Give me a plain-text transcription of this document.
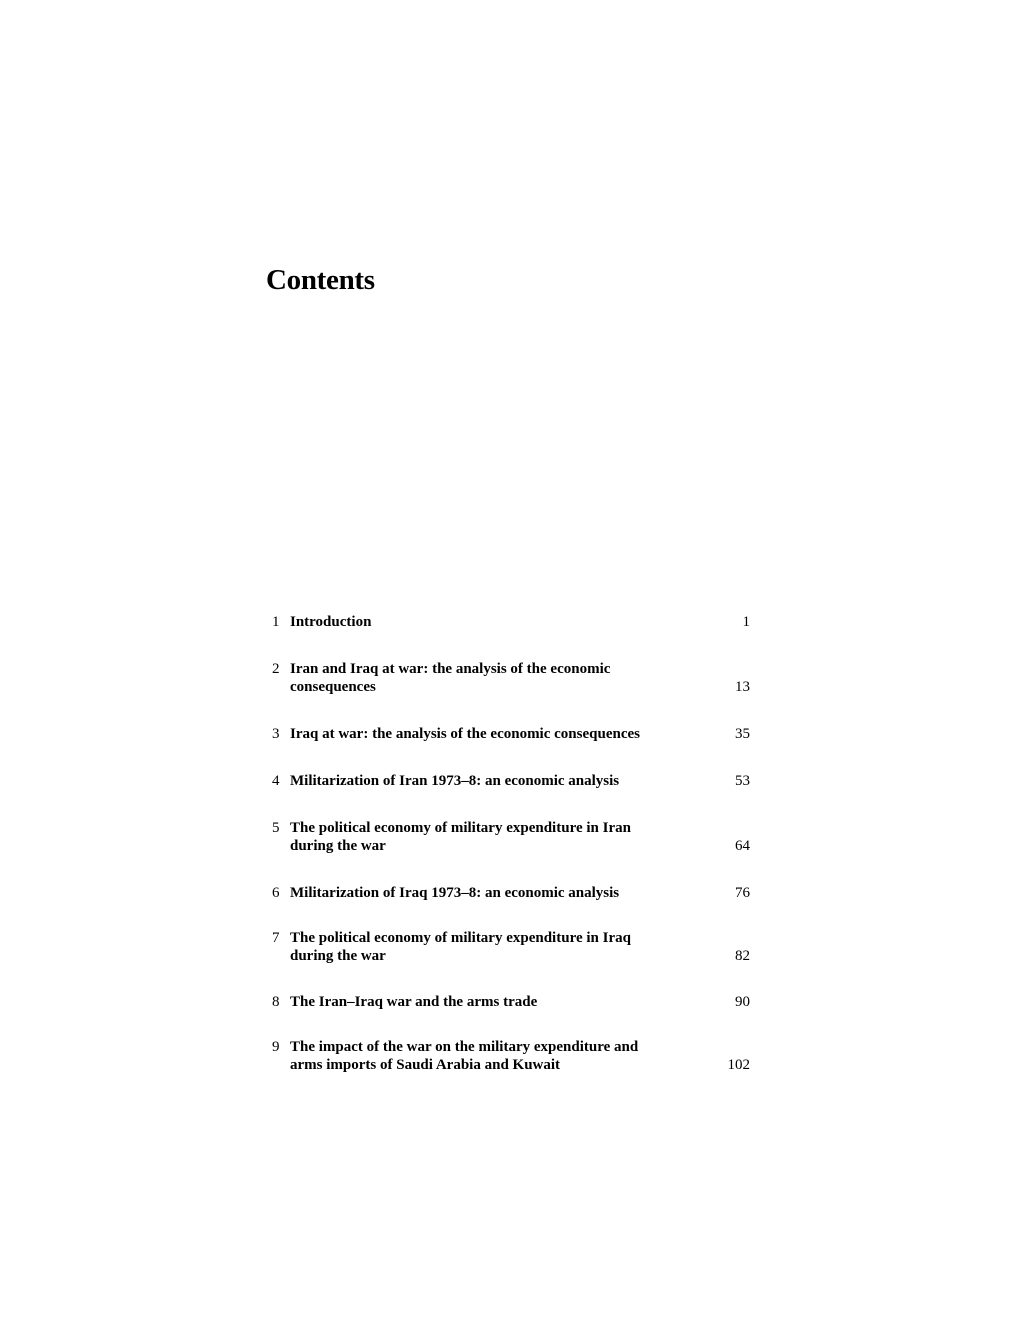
Contents
1 Introduction	1
2 Iran and Iraq at war: the analysis of the economic
consequences	13
3 Iraq at war: the analysis of the economic consequences	35
4 Militarization of Iran 1973–8: an economic analysis	53
5 The political economy of military expenditure in Iran
during the war	64
6 Militarization of Iraq 1973–8: an economic analysis	76
7 The political economy of military expenditure in Iraq
during the war	82
8 The Iran–Iraq war and the arms trade	90
9 The impact of the war on the military expenditure and
arms imports of Saudi Arabia and Kuwait	102
